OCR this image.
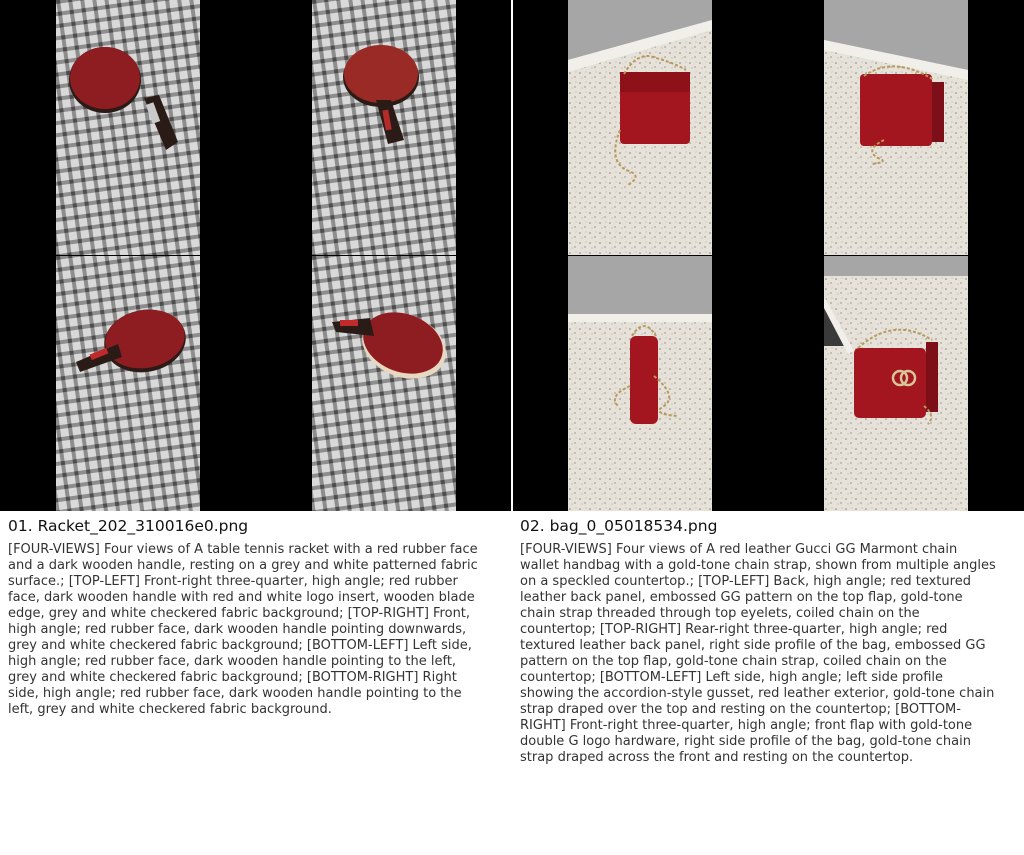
01. Racket_202_310016e0.png

[FOUR-VIEWS] Four views of A table tennis racket with a red rubber face and a dark wooden handle, resting on a grey and white patterned fabric surface.; [TOP-LEFT] Front-right three-quarter, high angle; red rubber face, dark wooden handle with red and white logo insert, wooden blade edge, grey and white checkered fabric background; [TOP-RIGHT] Front, high angle; red rubber face, dark wooden handle pointing downwards, grey and white checkered fabric background; [BOTTOM-LEFT] Left side, high angle; red rubber face, dark wooden handle pointing to the left, grey and white checkered fabric background; [BOTTOM-RIGHT] Right side, high angle; red rubber face, dark wooden handle pointing to the left, grey and white checkered fabric background.

02. bag_0_05018534.png

[FOUR-VIEWS] Four views of A red leather Gucci GG Marmont chain wallet handbag with a gold-tone chain strap, shown from multiple angles on a speckled countertop.; [TOP-LEFT] Back, high angle; red textured leather back panel, embossed GG pattern on the top flap, gold-tone chain strap threaded through top eyelets, coiled chain on the countertop; [TOP-RIGHT] Rear-right three-quarter, high angle; red textured leather back panel, right side profile of the bag, embossed GG pattern on the top flap, gold-tone chain strap, coiled chain on the countertop; [BOTTOM-LEFT] Left side, high angle; left side profile showing the accordion-style gusset, red leather exterior, gold-tone chain strap draped over the top and resting on the countertop; [BOTTOM-RIGHT] Front-right three-quarter, high angle; front flap with gold-tone double G logo hardware, right side profile of the bag, gold-tone chain strap draped across the front and resting on the countertop.
